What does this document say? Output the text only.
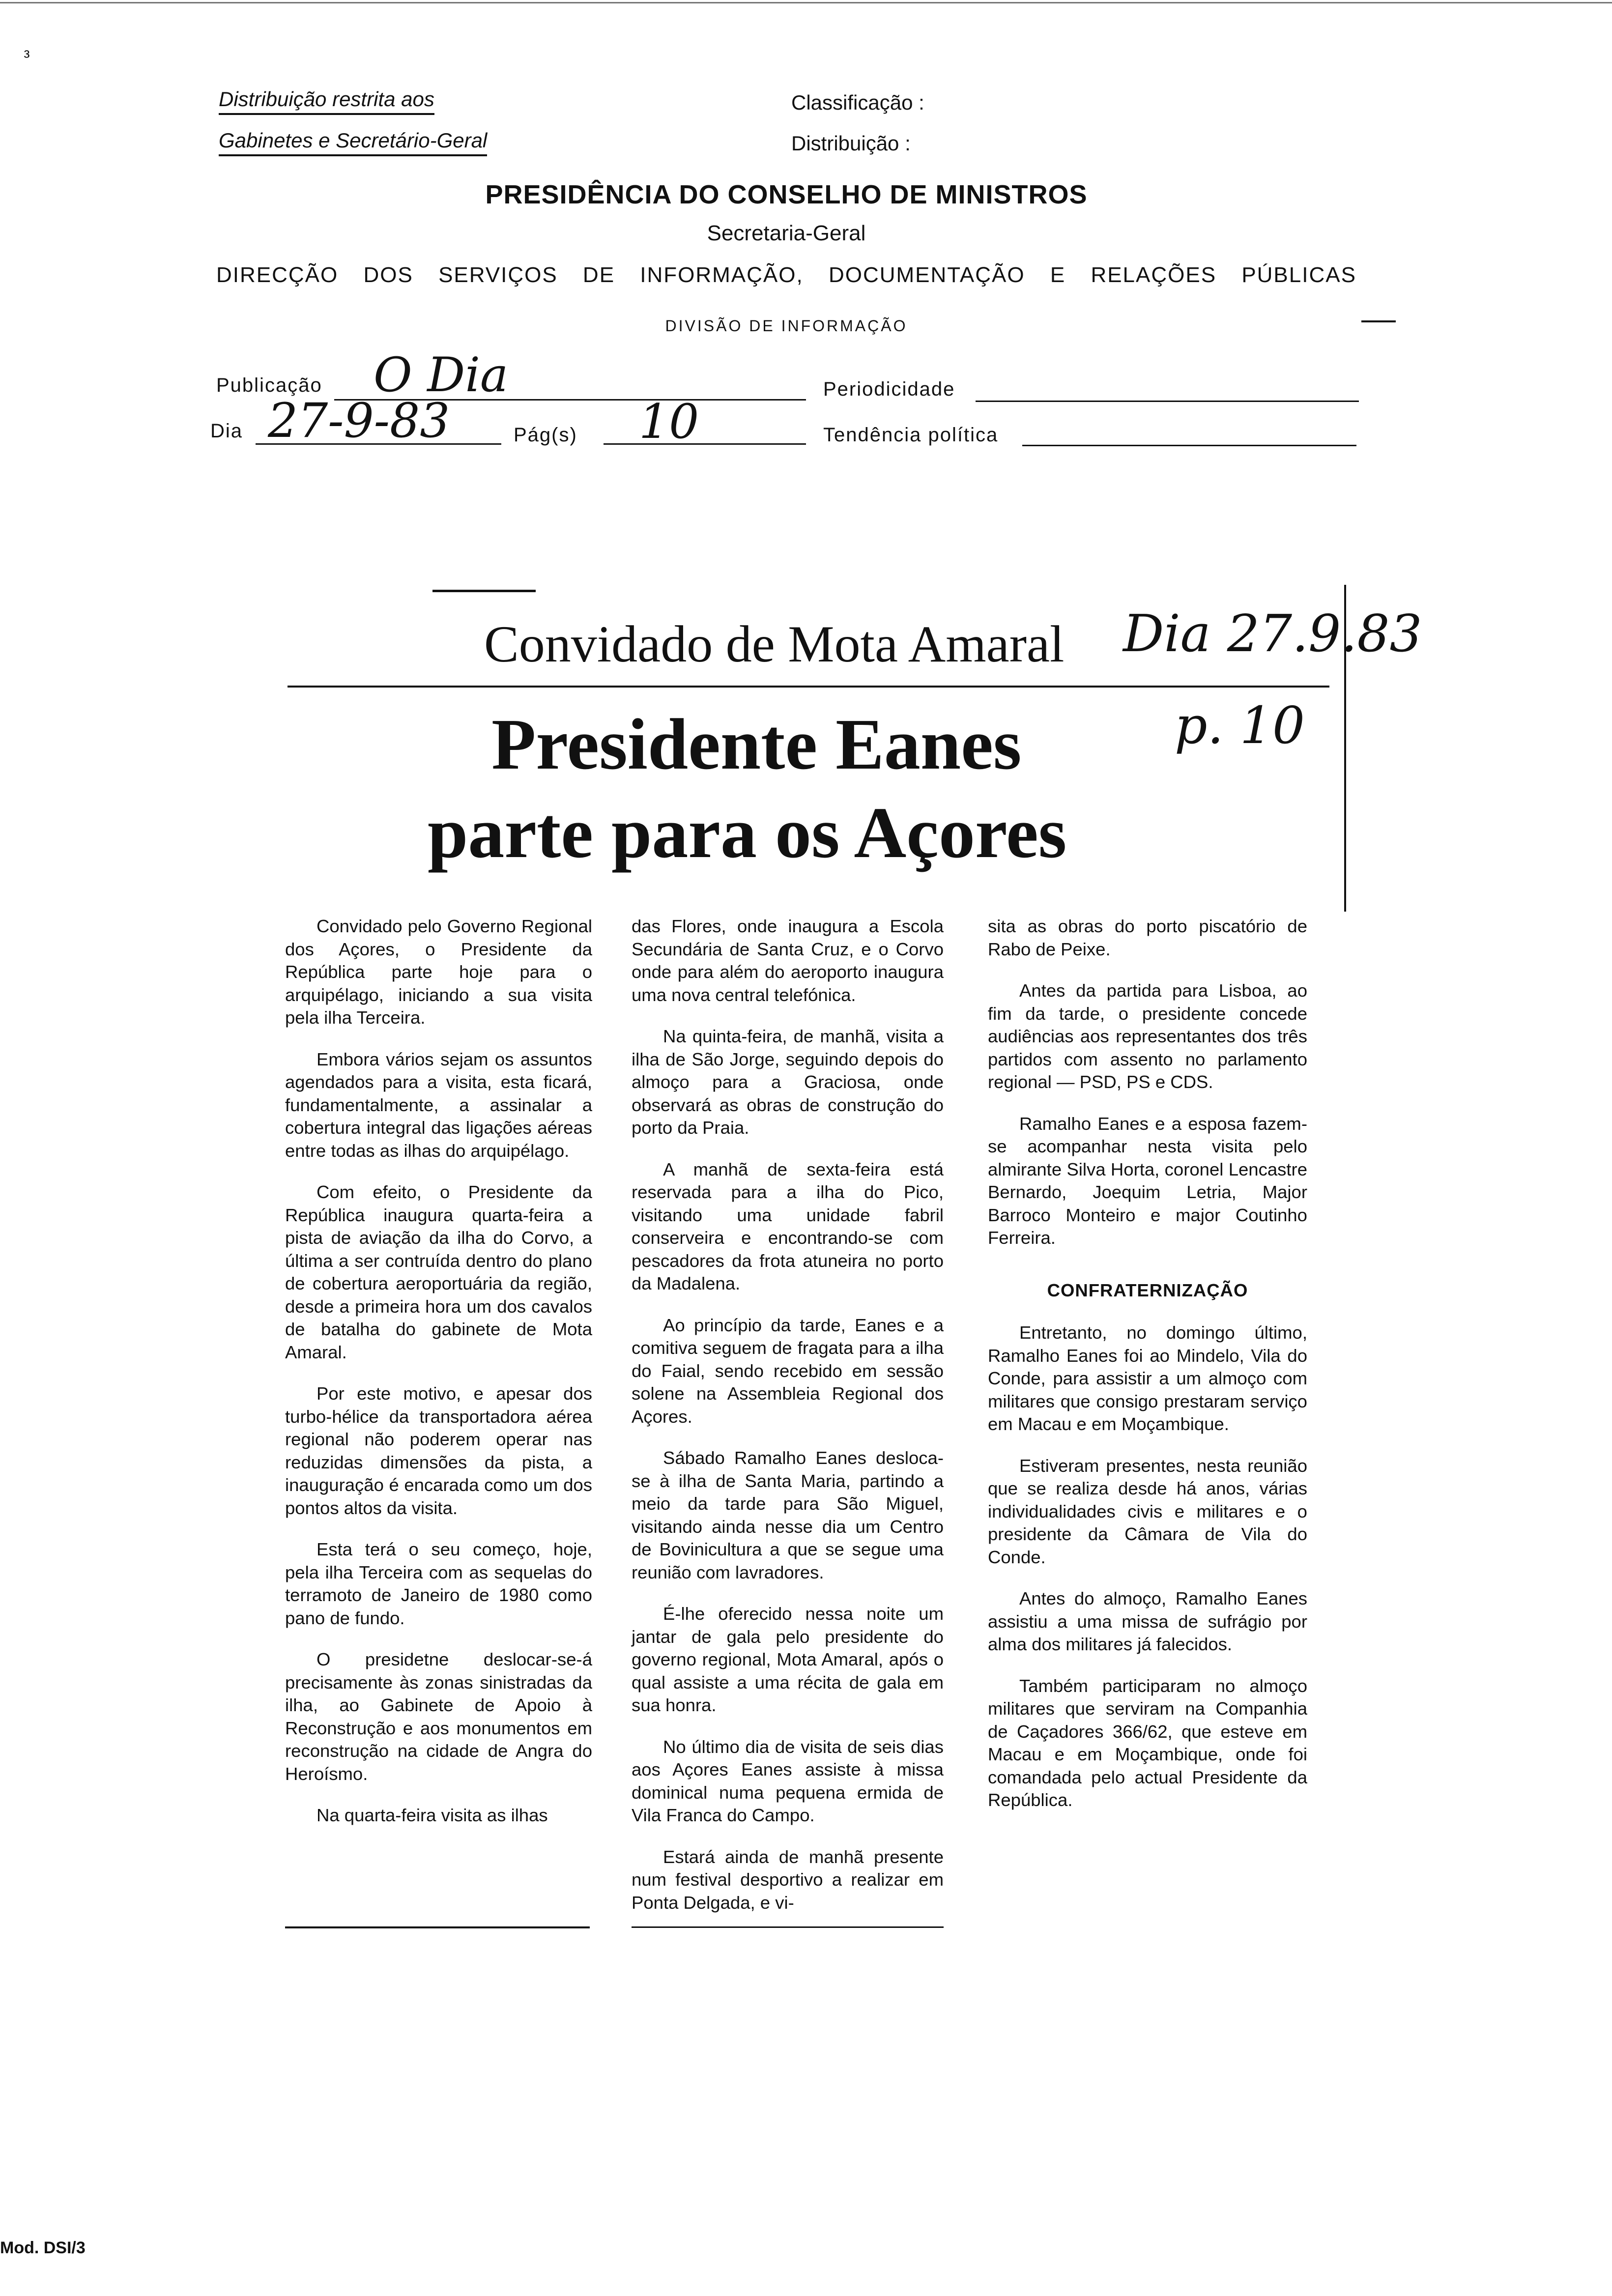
ᵌ
Distribuição restrita aos
Gabinetes e Secretário-Geral
Classificação :
Distribuição :
PRESIDÊNCIA DO CONSELHO DE MINISTROS
Secretaria-Geral
DIRECÇÃO DOS SERVIÇOS DE INFORMAÇÃO, DOCUMENTAÇÃO E RELAÇÕES PÚBLICAS
DIVISÃO DE INFORMAÇÃO
Publicação O Dia	Periodicidade
Dia 27-9-83	Pág(s) 10	Tendência política
Convidado de Mota Amaral Dia 27.9.83
Presidente Eanes	p. 10
parte para os Açores

Convidado pelo Governo Regional dos Açores, o Presidente da República parte hoje para o arquipélago, iniciando a sua visita pela ilha Terceira.

Embora vários sejam os assuntos agendados para a visita, esta ficará, fundamentalmente, a assinalar a cobertura integral das ligações aéreas entre todas as ilhas do arquipélago.

Com efeito, o Presidente da República inaugura quarta-feira a pista de aviação da ilha do Corvo, a última a ser contruída dentro do plano de cobertura aeroportuária da região, desde a primeira hora um dos cavalos de batalha do gabinete de Mota Amaral.

Por este motivo, e apesar dos turbo-hélice da transportadora aérea regional não poderem operar nas reduzidas dimensões da pista, a inauguração é encarada como um dos pontos altos da visita.

Esta terá o seu começo, hoje, pela ilha Terceira com as sequelas do terramoto de Janeiro de 1980 como pano de fundo.

O presidetne deslocar-se-á precisamente às zonas sinistradas da ilha, ao Gabinete de Apoio à Reconstrução e aos monumentos em reconstrução na cidade de Angra do Heroísmo.

Na quarta-feira visita as ilhas

das Flores, onde inaugura a Escola Secundária de Santa Cruz, e o Corvo onde para além do aeroporto inaugura uma nova central telefónica.

Na quinta-feira, de manhã, visita a ilha de São Jorge, seguindo depois do almoço para a Graciosa, onde observará as obras de construção do porto da Praia.

A manhã de sexta-feira está reservada para a ilha do Pico, visitando uma unidade fabril conserveira e encontrando-se com pescadores da frota atuneira no porto da Madalena.

Ao princípio da tarde, Eanes e a comitiva seguem de fragata para a ilha do Faial, sendo recebido em sessão solene na Assembleia Regional dos Açores.

Sábado Ramalho Eanes desloca-se à ilha de Santa Maria, partindo a meio da tarde para São Miguel, visitando ainda nesse dia um Centro de Bovinicultura a que se segue uma reunião com lavradores.

É-lhe oferecido nessa noite um jantar de gala pelo presidente do governo regional, Mota Amaral, após o qual assiste a uma récita de gala em sua honra.

No último dia de visita de seis dias aos Açores Eanes assiste à missa dominical numa pequena ermida de Vila Franca do Campo.

Estará ainda de manhã presente num festival desportivo a realizar em Ponta Delgada, e vi-

sita as obras do porto piscatório de Rabo de Peixe.

Antes da partida para Lisboa, ao fim da tarde, o presidente concede audiências aos representantes dos três partidos com assento no parlamento regional — PSD, PS e CDS.

Ramalho Eanes e a esposa fazem-se acompanhar nesta visita pelo almirante Silva Horta, coronel Lencastre Bernardo, Joequim Letria, Major Barroco Monteiro e major Coutinho Ferreira.

CONFRATERNIZAÇÃO

Entretanto, no domingo último, Ramalho Eanes foi ao Mindelo, Vila do Conde, para assistir a um almoço com militares que consigo prestaram serviço em Macau e em Moçambique.

Estiveram presentes, nesta reunião que se realiza desde há anos, várias individualidades civis e militares e o presidente da Câmara de Vila do Conde.

Antes do almoço, Ramalho Eanes assistiu a uma missa de sufrágio por alma dos militares já falecidos.

Também participaram no almoço militares que serviram na Companhia de Caçadores 366/62, que esteve em Macau e em Moçambique, onde foi comandada pelo actual Presidente da República.

Mod. DSI/3
